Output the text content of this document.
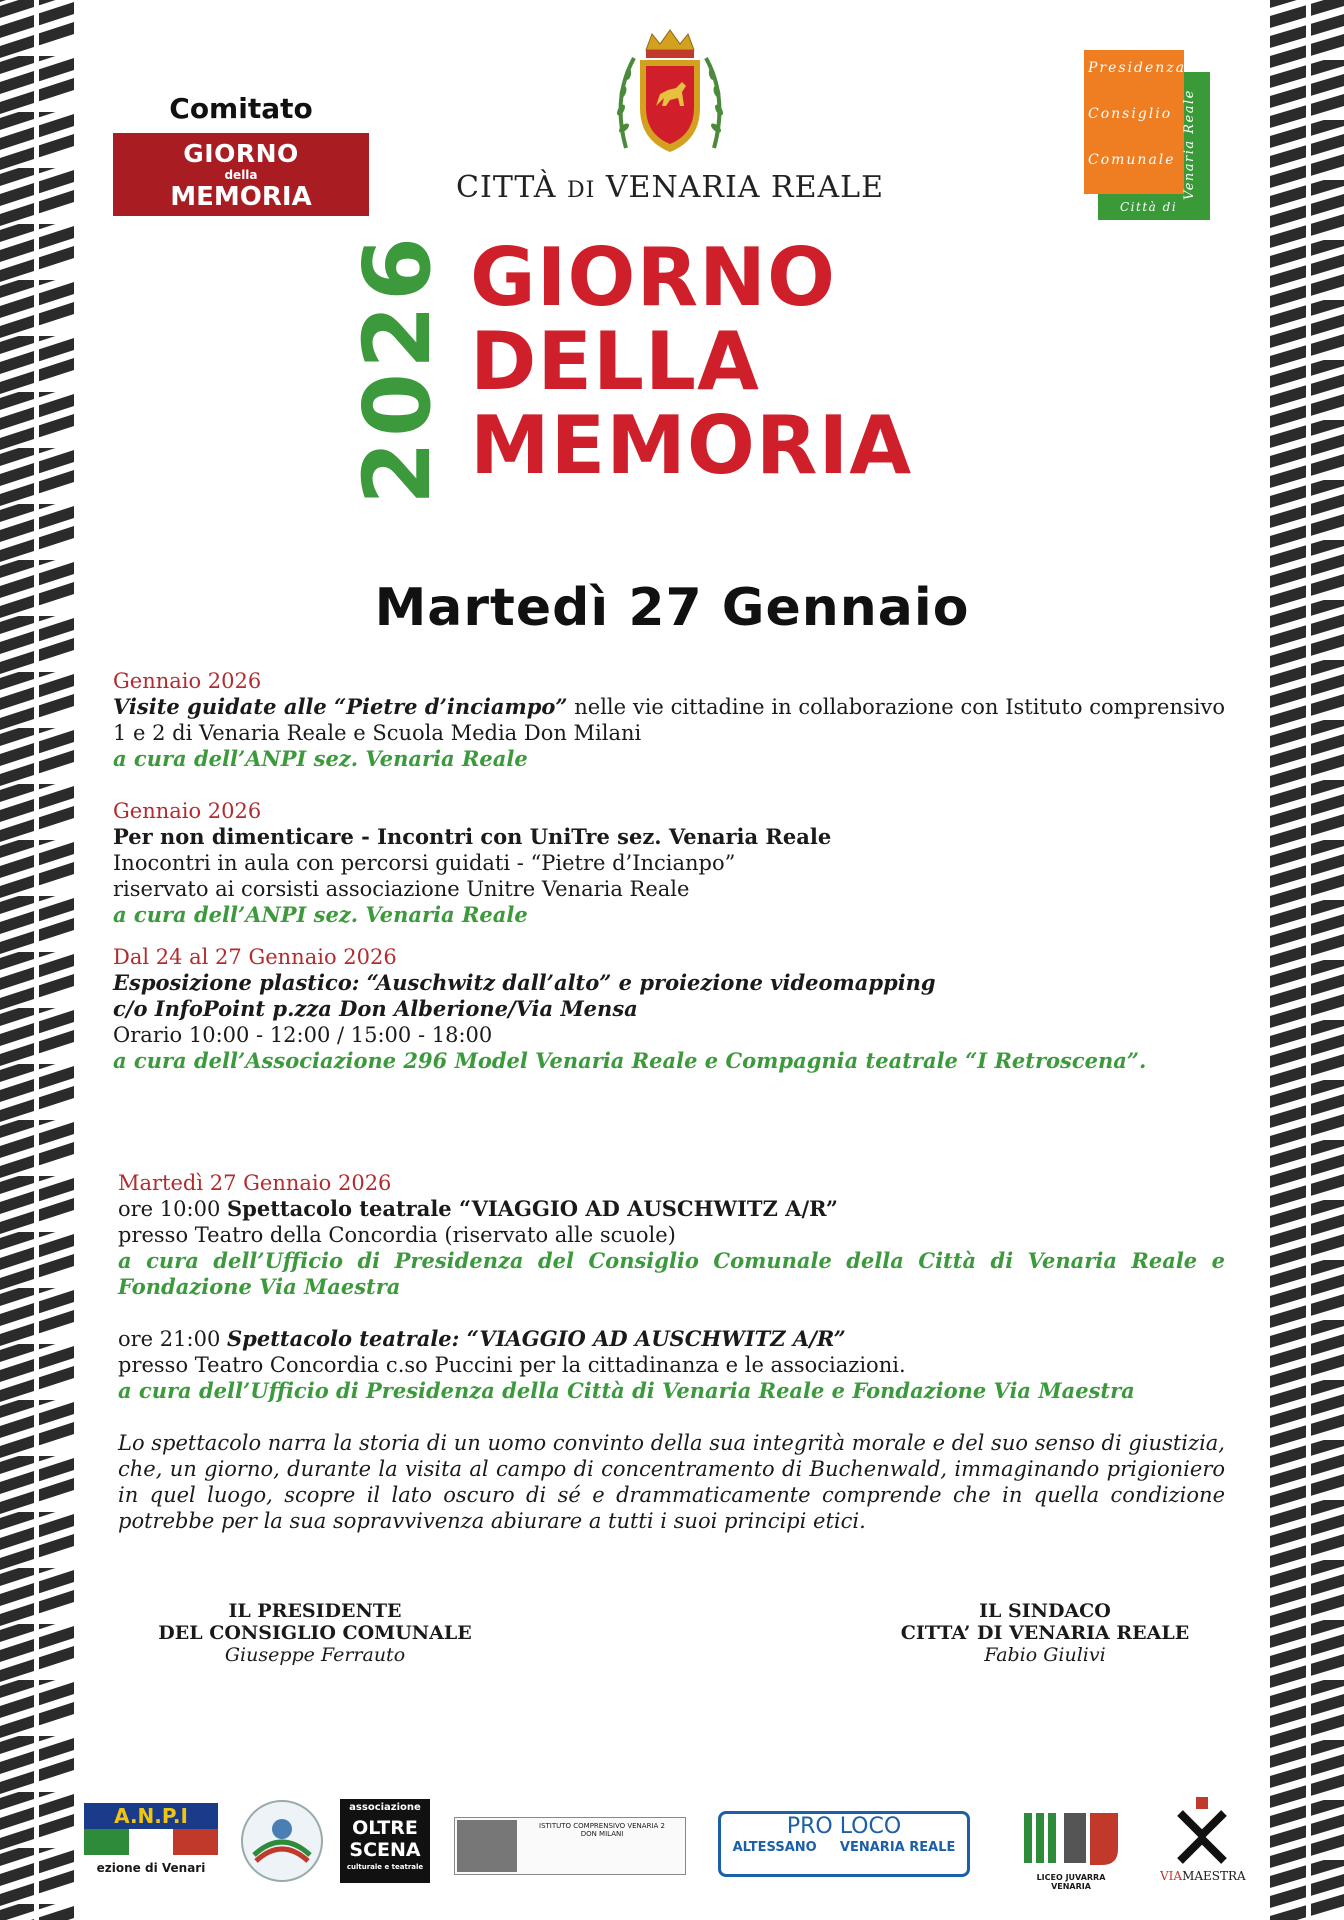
Comitato
GIORNO
della
MEMORIA	CITTÀ DI VENARIA REALE
Presidenza
Consiglio
Comunale Venaria Reale
Città di
2026 GIORNO
DELLA
MEMORIA
Martedì 27 Gennaio
Gennaio 2026
Visite guidate alle “Pietre d’inciampo” nelle vie cittadine in collaborazione con Istituto comprensivo 1 e 2 di Venaria Reale e Scuola Media Don Milani
a cura dell’ANPI sez. Venaria Reale
Gennaio 2026
Per non dimenticare - Incontri con UniTre sez. Venaria Reale
Inocontri in aula con percorsi guidati - “Pietre d’Incianpo”
riservato ai corsisti associazione Unitre Venaria Reale
a cura dell’ANPI sez. Venaria Reale
Dal 24 al 27 Gennaio 2026
Esposizione plastico: “Auschwitz dall’alto” e proiezione videomapping
c/o InfoPoint p.zza Don Alberione/Via Mensa
Orario 10:00 - 12:00 / 15:00 - 18:00
a cura dell’Associazione 296 Model Venaria Reale e Compagnia teatrale “I Retroscena”.
Martedì 27 Gennaio 2026
ore 10:00 Spettacolo teatrale “VIAGGIO AD AUSCHWITZ A/R”
presso Teatro della Concordia (riservato alle scuole)
a cura dell’Ufficio di Presidenza del Consiglio Comunale della Città di Venaria Reale e Fondazione Via Maestra
ore 21:00 Spettacolo teatrale: “VIAGGIO AD AUSCHWITZ A/R”
presso Teatro Concordia c.so Puccini per la cittadinanza e le associazioni.
a cura dell’Ufficio di Presidenza della Città di Venaria Reale e Fondazione Via Maestra
Lo spettacolo narra la storia di un uomo convinto della sua integrità morale e del suo senso di giustizia, che, un giorno, durante la visita al campo di concentramento di Buchenwald, immaginando prigioniero in quel luogo, scopre il lato oscuro di sé e drammaticamente comprende che in quella condizione potrebbe per la sua sopravvivenza abiurare a tutti i suoi principi etici.
IL PRESIDENTE
DEL CONSIGLIO COMUNALE
Giuseppe Ferrauto
IL SINDACO
CITTA’ DI VENARIA REALE
Fabio Giulivi
A.N.P.I
ezione di Venari
associazione
OLTRE
SCENA
culturale e teatrale
ISTITUTO COMPRENSIVO VENARIA 2
DON MILANI	PRO LOCO
ALTESSANO VENARIA REALE
LICEO JUVARRA VENARIA
VIAMAESTRA
